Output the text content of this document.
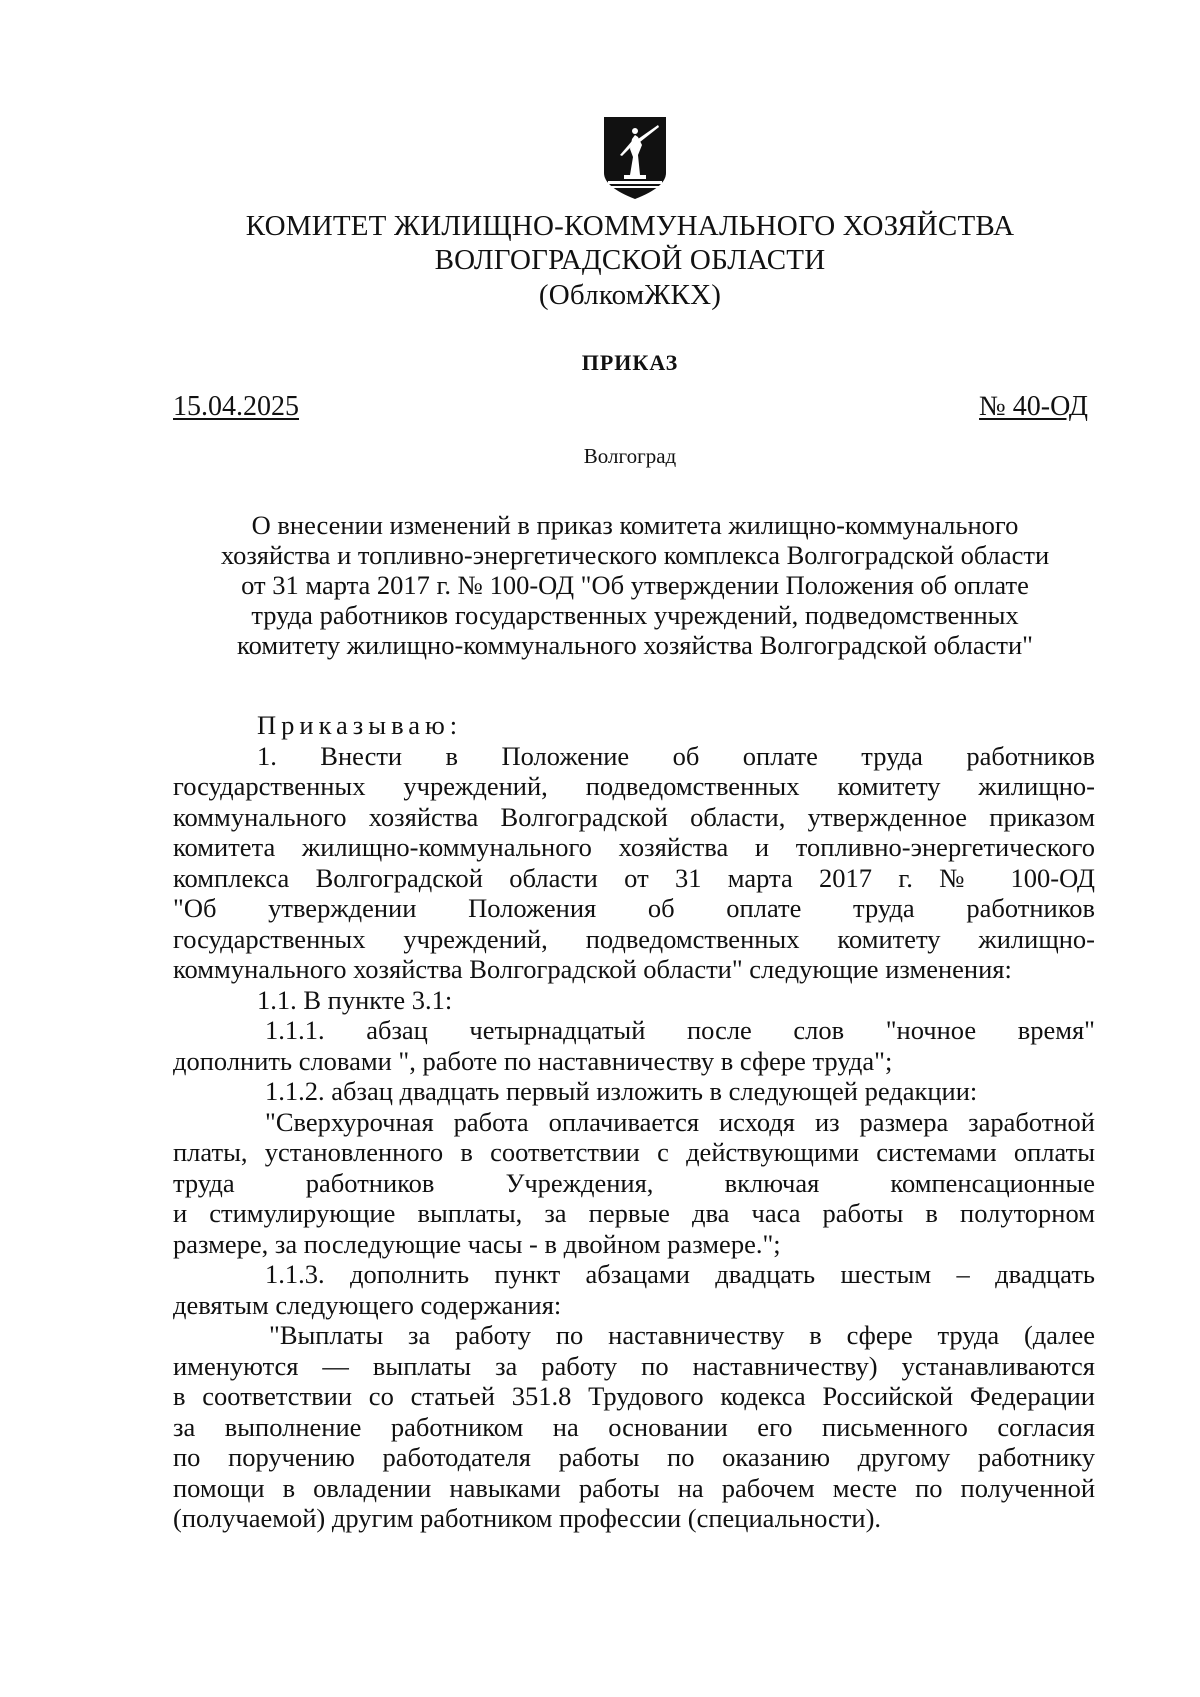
КОМИТЕТ ЖИЛИЩНО-КОММУНАЛЬНОГО ХОЗЯЙСТВА
ВОЛГОГРАДСКОЙ ОБЛАСТИ
(ОблкомЖКХ)
ПРИКАЗ
15.04.2025	№ 40-ОД
Волгоград
О внесении изменений в приказ комитета жилищно-коммунального
хозяйства и топливно-энергетического комплекса Волгоградской области
от 31 марта 2017 г. № 100-ОД "Об утверждении Положения об оплате
труда работников государственных учреждений, подведомственных
комитету жилищно-коммунального хозяйства Волгоградской области"
Приказываю:
1. Внести в Положение об оплате труда работников
государственных учреждений, подведомственных комитету жилищно-
коммунального хозяйства Волгоградской области, утвержденное приказом
комитета жилищно-коммунального хозяйства и топливно-энергетического
комплекса Волгоградской области от 31 марта 2017 г. № 100-ОД
"Об утверждении Положения об оплате труда работников
государственных учреждений, подведомственных комитету жилищно-
коммунального хозяйства Волгоградской области" следующие изменения:
1.1. В пункте 3.1:
1.1.1. абзац четырнадцатый после слов "ночное время"
дополнить словами ", работе по наставничеству в сфере труда";
1.1.2. абзац двадцать первый изложить в следующей редакции:
"Сверхурочная работа оплачивается исходя из размера заработной
платы, установленного в соответствии с действующими системами оплаты
труда работников Учреждения, включая компенсационные
и стимулирующие выплаты, за первые два часа работы в полуторном
размере, за последующие часы - в двойном размере.";
1.1.3. дополнить пункт абзацами двадцать шестым – двадцать
девятым следующего содержания:
"Выплаты за работу по наставничеству в сфере труда (далее
именуются — выплаты за работу по наставничеству) устанавливаются
в соответствии со статьей 351.8 Трудового кодекса Российской Федерации
за выполнение работником на основании его письменного согласия
по поручению работодателя работы по оказанию другому работнику
помощи в овладении навыками работы на рабочем месте по полученной
(получаемой) другим работником профессии (специальности).
